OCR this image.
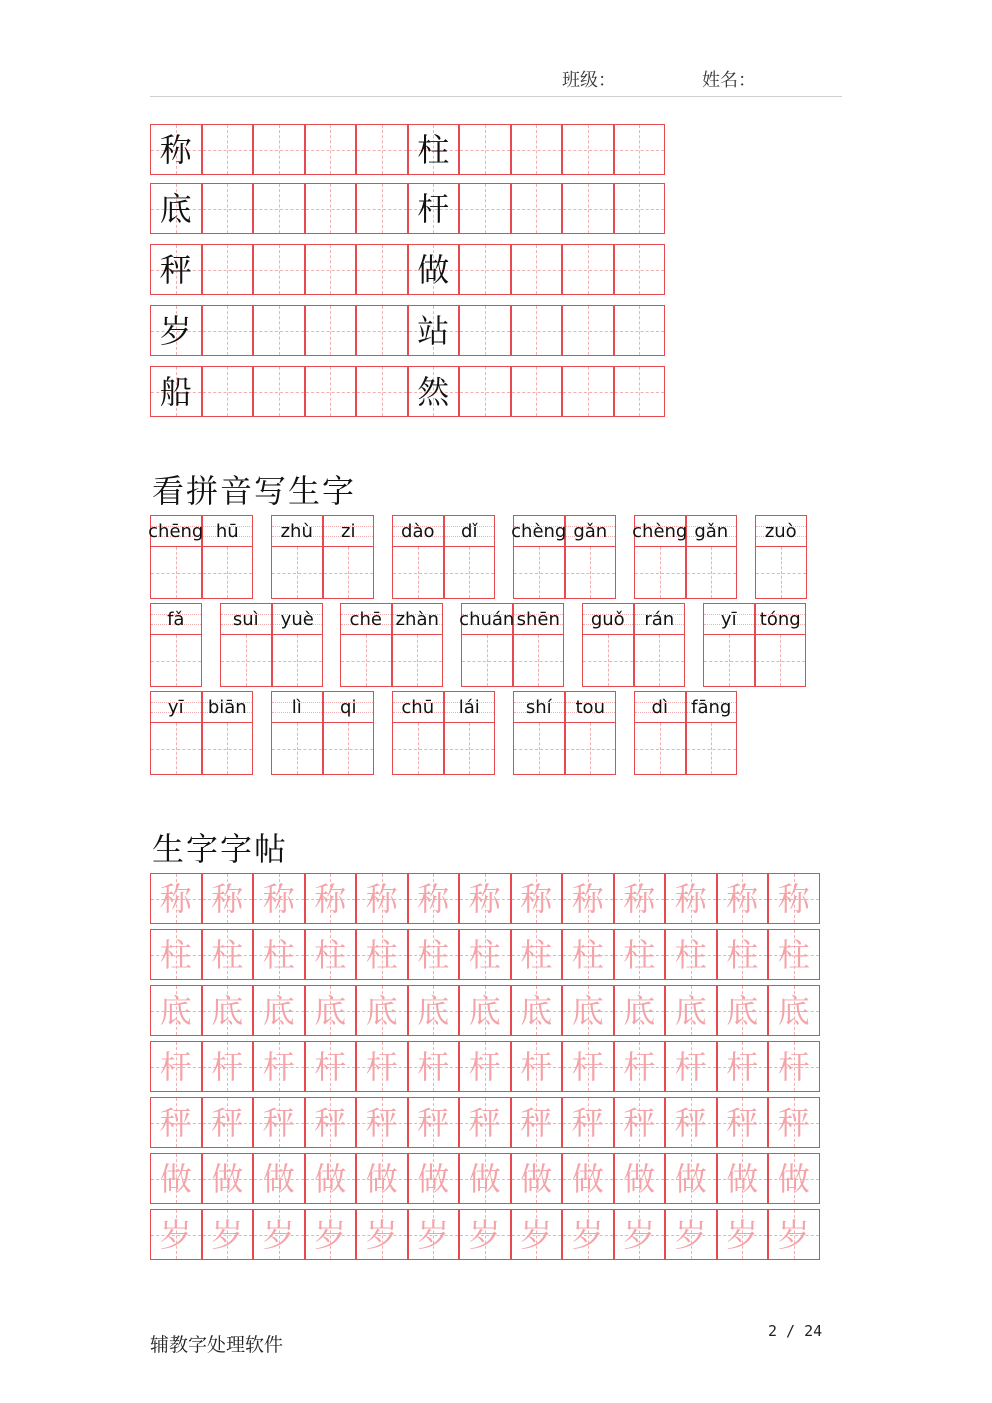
班级：	姓名：
称	柱
底	杆
秤	做
岁	站
船	然
看拼音写生字
chēng hū zhù zi	dào dǐ chèng gǎn chèng gǎn zuò
fǎ	suì yuè chē zhàn chuán shēn guǒ rán	yī tóng
yī biān	lì qi chū lái	shí tou	dì fāng
生字字帖
称 称 称 称 称 称 称 称 称 称 称 称 称
柱 柱 柱 柱 柱 柱 柱 柱 柱 柱 柱 柱 柱
底 底 底 底 底 底 底 底 底 底 底 底 底
杆 杆 杆 杆 杆 杆 杆 杆 杆 杆 杆 杆 杆
秤 秤 秤 秤 秤 秤 秤 秤 秤 秤 秤 秤 秤
做 做 做 做 做 做 做 做 做 做 做 做 做
岁 岁 岁 岁 岁 岁 岁 岁 岁 岁 岁 岁 岁
辅教字处理软件
2 / 24
